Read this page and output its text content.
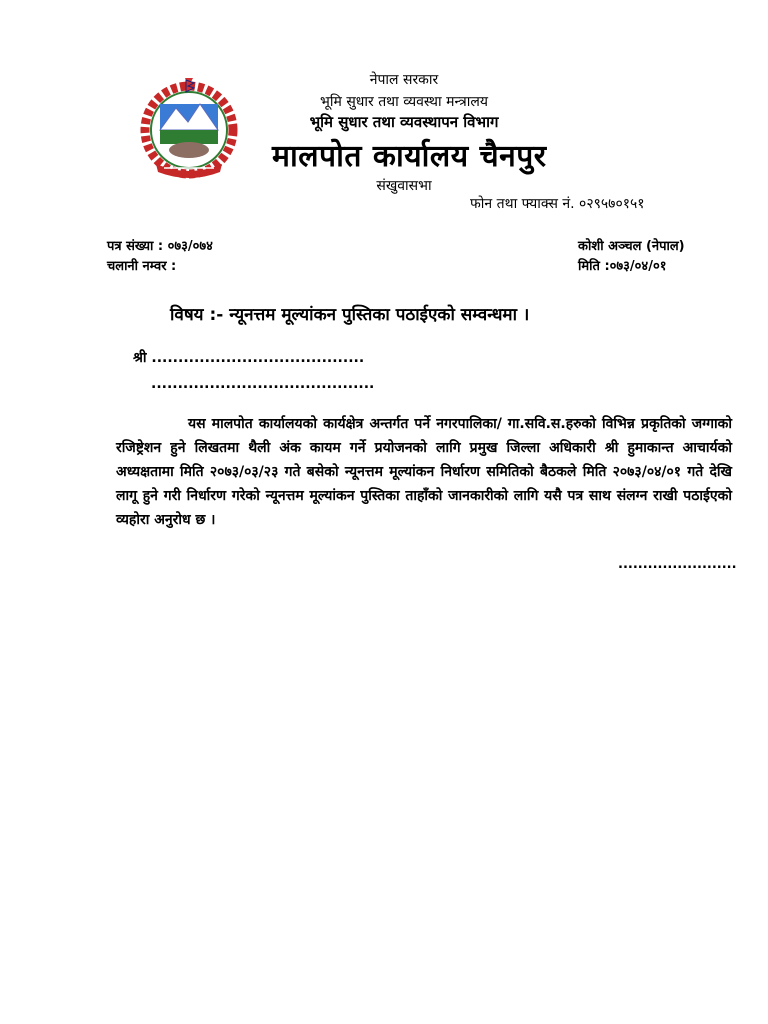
नेपाल सरकार
भूमि सुधार तथा व्यवस्था मन्त्रालय
भूमि सुधार तथा व्यवस्थापन विभाग
मालपोत कार्यालय चैनपुर
संखुवासभा
फोन तथा फ्याक्स नं. ०२९५७०१५१
पत्र संख्या : ०७३/०७४
चलानी नम्वर :
कोशी अञ्चल (नेपाल)
मिति :०७३/०४/०१
विषय :- न्यूनत्तम मूल्यांकन पुस्तिका पठाईएको सम्वन्धमा ।
श्री ........................................
..........................................
यस मालपोत कार्यालयको कार्यक्षेत्र अन्तर्गत पर्ने नगरपालिका/ गा.सवि.स.हरुको विभिन्न प्रकृतिको जग्गाको रजिष्ट्रेशन हुने लिखतमा थैली अंक कायम गर्ने प्रयोजनको लागि प्रमुख जिल्ला अधिकारी श्री हुमाकान्त आचार्यको अध्यक्षतामा मिति २०७३/०३/२३ गते बसेको न्यूनत्तम मूल्यांकन निर्धारण समितिको बैठकले मिति २०७३/०४/०१ गते देखि लागू हुने गरी निर्धारण गरेको न्यूनत्तम मूल्यांकन पुस्तिका ताहाँको जानकारीको लागि यसै पत्र साथ संलग्न राखी पठाईएको व्यहोरा अनुरोध छ ।
........................
